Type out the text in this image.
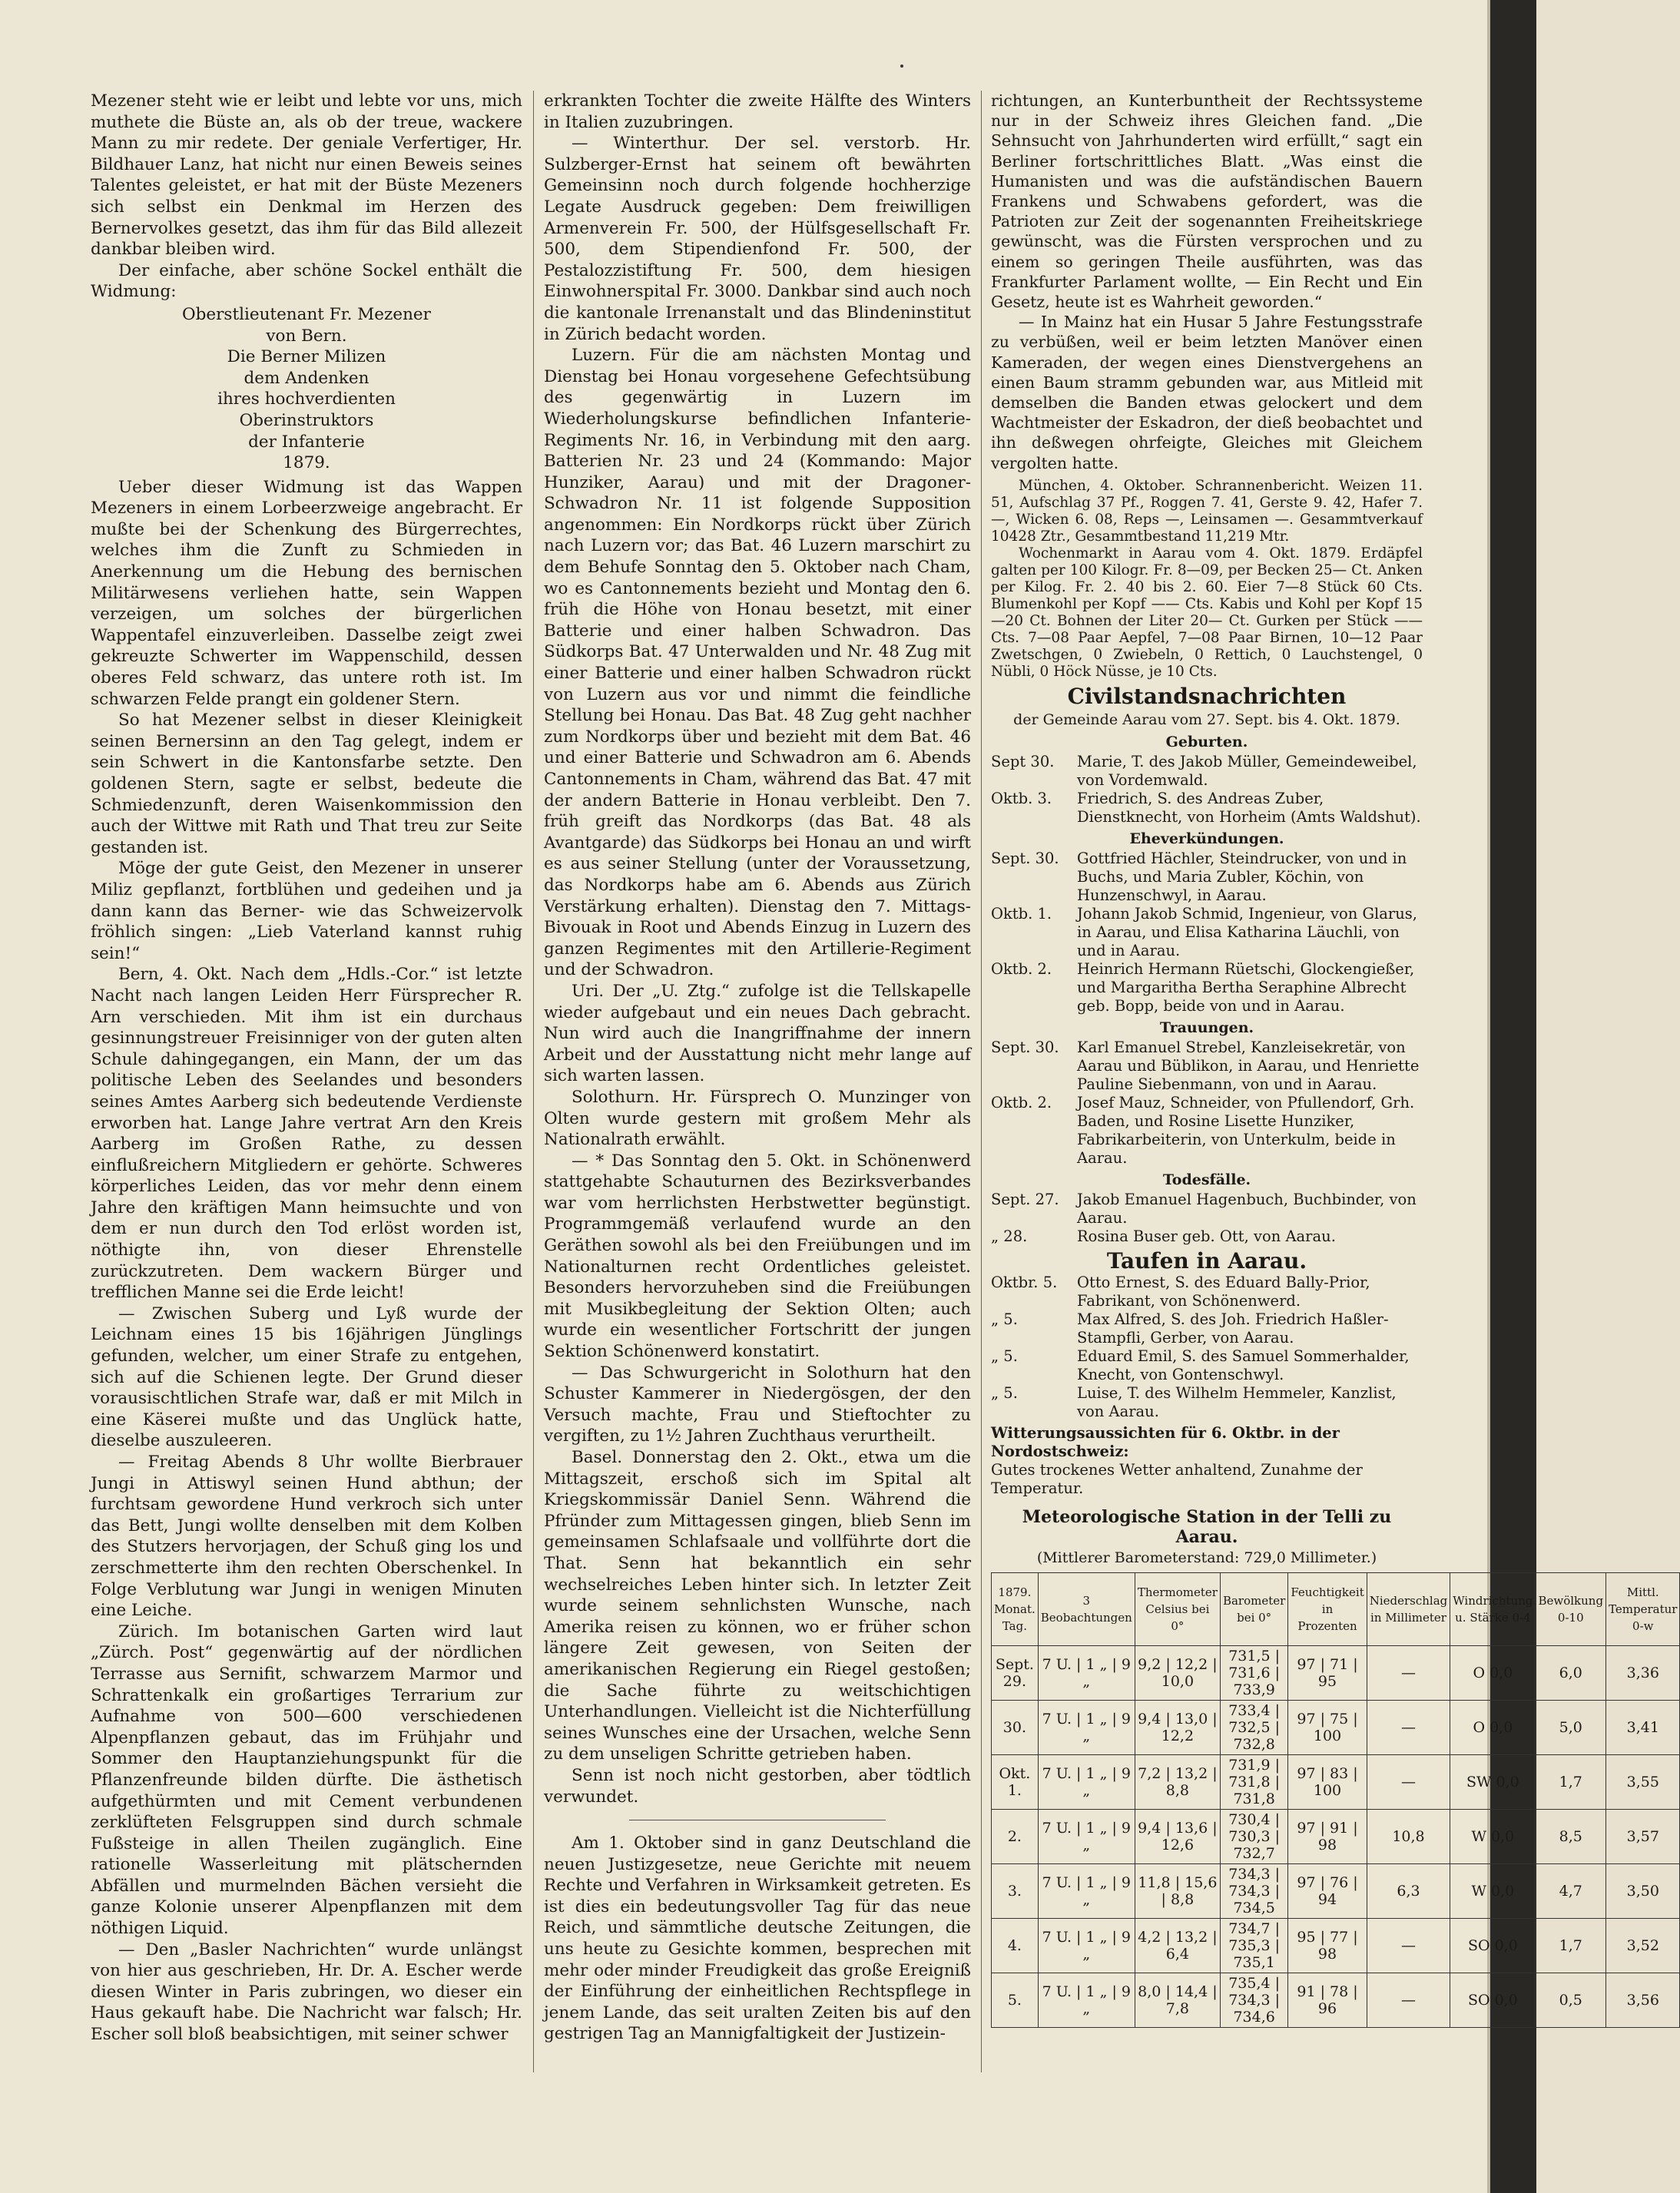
Mezener steht wie er leibt und lebte vor uns, mich muthete die Büste an, als ob der treue, wackere Mann zu mir redete. Der geniale Verfertiger, Hr. Bildhauer Lanz, hat nicht nur einen Beweis seines Talentes geleistet, er hat mit der Büste Mezeners sich selbst ein Denkmal im Herzen des Bernervolkes gesetzt, das ihm für das Bild allezeit dankbar bleiben wird.

Der einfache, aber schöne Sockel enthält die Widmung:

Oberstlieutenant Fr. Mezener

von Bern.

Die Berner Milizen

dem Andenken

ihres hochverdienten

Oberinstruktors

der Infanterie

1879.

Ueber dieser Widmung ist das Wappen Mezeners in einem Lorbeerzweige angebracht. Er mußte bei der Schenkung des Bürgerrechtes, welches ihm die Zunft zu Schmieden in Anerkennung um die Hebung des bernischen Militärwesens verliehen hatte, sein Wappen verzeigen, um solches der bürgerlichen Wappentafel einzuverleiben. Dasselbe zeigt zwei gekreuzte Schwerter im Wappenschild, dessen oberes Feld schwarz, das untere roth ist. Im schwarzen Felde prangt ein goldener Stern.

So hat Mezener selbst in dieser Kleinigkeit seinen Bernersinn an den Tag gelegt, indem er sein Schwert in die Kantonsfarbe setzte. Den goldenen Stern, sagte er selbst, bedeute die Schmiedenzunft, deren Waisenkommission den auch der Wittwe mit Rath und That treu zur Seite gestanden ist.

Möge der gute Geist, den Mezener in unserer Miliz gepflanzt, fortblühen und gedeihen und ja dann kann das Berner- wie das Schweizervolk fröhlich singen: „Lieb Vaterland kannst ruhig sein!“

Bern, 4. Okt. Nach dem „Hdls.-Cor.“ ist letzte Nacht nach langen Leiden Herr Fürsprecher R. Arn verschieden. Mit ihm ist ein durchaus gesinnungstreuer Freisinniger von der guten alten Schule dahingegangen, ein Mann, der um das politische Leben des Seelandes und besonders seines Amtes Aarberg sich bedeutende Verdienste erworben hat. Lange Jahre vertrat Arn den Kreis Aarberg im Großen Rathe, zu dessen einflußreichern Mitgliedern er gehörte. Schweres körperliches Leiden, das vor mehr denn einem Jahre den kräftigen Mann heimsuchte und von dem er nun durch den Tod erlöst worden ist, nöthigte ihn, von dieser Ehrenstelle zurückzutreten. Dem wackern Bürger und trefflichen Manne sei die Erde leicht!

— Zwischen Suberg und Lyß wurde der Leichnam eines 15 bis 16jährigen Jünglings gefunden, welcher, um einer Strafe zu entgehen, sich auf die Schienen legte. Der Grund dieser vorausischtlichen Strafe war, daß er mit Milch in eine Käserei mußte und das Unglück hatte, dieselbe auszuleeren.

— Freitag Abends 8 Uhr wollte Bierbrauer Jungi in Attiswyl seinen Hund abthun; der furchtsam gewordene Hund verkroch sich unter das Bett, Jungi wollte denselben mit dem Kolben des Stutzers hervorjagen, der Schuß ging los und zerschmetterte ihm den rechten Oberschenkel. In Folge Verblutung war Jungi in wenigen Minuten eine Leiche.

Zürich. Im botanischen Garten wird laut „Zürch. Post“ gegenwärtig auf der nördlichen Terrasse aus Sernifit, schwarzem Marmor und Schrattenkalk ein großartiges Terrarium zur Aufnahme von 500—600 verschiedenen Alpenpflanzen gebaut, das im Frühjahr und Sommer den Hauptanziehungspunkt für die Pflanzenfreunde bilden dürfte. Die ästhetisch aufgethürmten und mit Cement verbundenen zerklüfteten Felsgruppen sind durch schmale Fußsteige in allen Theilen zugänglich. Eine rationelle Wasserleitung mit plätschernden Abfällen und murmelnden Bächen versieht die ganze Kolonie unserer Alpenpflanzen mit dem nöthigen Liquid.

— Den „Basler Nachrichten“ wurde unlängst von hier aus geschrieben, Hr. Dr. A. Escher werde diesen Winter in Paris zubringen, wo dieser ein Haus gekauft habe. Die Nachricht war falsch; Hr. Escher soll bloß beabsichtigen, mit seiner schwer

erkrankten Tochter die zweite Hälfte des Winters in Italien zuzubringen.

— Winterthur. Der sel. verstorb. Hr. Sulzberger-Ernst hat seinem oft bewährten Gemeinsinn noch durch folgende hochherzige Legate Ausdruck gegeben: Dem freiwilligen Armenverein Fr. 500, der Hülfsgesellschaft Fr. 500, dem Stipendienfond Fr. 500, der Pestalozzistiftung Fr. 500, dem hiesigen Einwohnerspital Fr. 3000. Dankbar sind auch noch die kantonale Irrenanstalt und das Blindeninstitut in Zürich bedacht worden.

Luzern. Für die am nächsten Montag und Dienstag bei Honau vorgesehene Gefechtsübung des gegenwärtig in Luzern im Wiederholungskurse befindlichen Infanterie-Regiments Nr. 16, in Verbindung mit den aarg. Batterien Nr. 23 und 24 (Kommando: Major Hunziker, Aarau) und mit der Dragoner-Schwadron Nr. 11 ist folgende Supposition angenommen: Ein Nordkorps rückt über Zürich nach Luzern vor; das Bat. 46 Luzern marschirt zu dem Behufe Sonntag den 5. Oktober nach Cham, wo es Cantonnements bezieht und Montag den 6. früh die Höhe von Honau besetzt, mit einer Batterie und einer halben Schwadron. Das Südkorps Bat. 47 Unterwalden und Nr. 48 Zug mit einer Batterie und einer halben Schwadron rückt von Luzern aus vor und nimmt die feindliche Stellung bei Honau. Das Bat. 48 Zug geht nachher zum Nordkorps über und bezieht mit dem Bat. 46 und einer Batterie und Schwadron am 6. Abends Cantonnements in Cham, während das Bat. 47 mit der andern Batterie in Honau verbleibt. Den 7. früh greift das Nordkorps (das Bat. 48 als Avantgarde) das Südkorps bei Honau an und wirft es aus seiner Stellung (unter der Voraussetzung, das Nordkorps habe am 6. Abends aus Zürich Verstärkung erhalten). Dienstag den 7. Mittags-Bivouak in Root und Abends Einzug in Luzern des ganzen Regimentes mit den Artillerie-Regiment und der Schwadron.

Uri. Der „U. Ztg.“ zufolge ist die Tellskapelle wieder aufgebaut und ein neues Dach gebracht. Nun wird auch die Inangriffnahme der innern Arbeit und der Ausstattung nicht mehr lange auf sich warten lassen.

Solothurn. Hr. Fürsprech O. Munzinger von Olten wurde gestern mit großem Mehr als Nationalrath erwählt.

— * Das Sonntag den 5. Okt. in Schönenwerd stattgehabte Schauturnen des Bezirksverbandes war vom herrlichsten Herbstwetter begünstigt. Programmgemäß verlaufend wurde an den Geräthen sowohl als bei den Freiübungen und im Nationalturnen recht Ordentliches geleistet. Besonders hervorzuheben sind die Freiübungen mit Musikbegleitung der Sektion Olten; auch wurde ein wesentlicher Fortschritt der jungen Sektion Schönenwerd konstatirt.

— Das Schwurgericht in Solothurn hat den Schuster Kammerer in Niedergösgen, der den Versuch machte, Frau und Stieftochter zu vergiften, zu 1½ Jahren Zuchthaus verurtheilt.

Basel. Donnerstag den 2. Okt., etwa um die Mittagszeit, erschoß sich im Spital alt Kriegskommissär Daniel Senn. Während die Pfründer zum Mittagessen gingen, blieb Senn im gemeinsamen Schlafsaale und vollführte dort die That. Senn hat bekanntlich ein sehr wechselreiches Leben hinter sich. In letzter Zeit wurde seinem sehnlichsten Wunsche, nach Amerika reisen zu können, wo er früher schon längere Zeit gewesen, von Seiten der amerikanischen Regierung ein Riegel gestoßen; die Sache führte zu weitschichtigen Unterhandlungen. Vielleicht ist die Nichterfüllung seines Wunsches eine der Ursachen, welche Senn zu dem unseligen Schritte getrieben haben.

Senn ist noch nicht gestorben, aber tödtlich verwundet.

Am 1. Oktober sind in ganz Deutschland die neuen Justizgesetze, neue Gerichte mit neuem Rechte und Verfahren in Wirksamkeit getreten. Es ist dies ein bedeutungsvoller Tag für das neue Reich, und sämmtliche deutsche Zeitungen, die uns heute zu Gesichte kommen, besprechen mit mehr oder minder Freudigkeit das große Ereigniß der Einführung der einheitlichen Rechtspflege in jenem Lande, das seit uralten Zeiten bis auf den gestrigen Tag an Mannigfaltigkeit der Justizein-

richtungen, an Kunterbuntheit der Rechtssysteme nur in der Schweiz ihres Gleichen fand. „Die Sehnsucht von Jahrhunderten wird erfüllt,“ sagt ein Berliner fortschrittliches Blatt. „Was einst die Humanisten und was die aufständischen Bauern Frankens und Schwabens gefordert, was die Patrioten zur Zeit der sogenannten Freiheitskriege gewünscht, was die Fürsten versprochen und zu einem so geringen Theile ausführten, was das Frankfurter Parlament wollte, — Ein Recht und Ein Gesetz, heute ist es Wahrheit geworden.“

— In Mainz hat ein Husar 5 Jahre Festungsstrafe zu verbüßen, weil er beim letzten Manöver einen Kameraden, der wegen eines Dienstvergehens an einen Baum stramm gebunden war, aus Mitleid mit demselben die Banden etwas gelockert und dem Wachtmeister der Eskadron, der dieß beobachtet und ihn deßwegen ohrfeigte, Gleiches mit Gleichem vergolten hatte.

München, 4. Oktober. Schrannenbericht. Weizen 11. 51, Aufschlag 37 Pf., Roggen 7. 41, Gerste 9. 42, Hafer 7. —, Wicken 6. 08, Reps —, Leinsamen —. Gesammtverkauf 10428 Ztr., Gesammtbestand 11,219 Mtr.

Wochenmarkt in Aarau vom 4. Okt. 1879. Erdäpfel galten per 100 Kilogr. Fr. 8—09, per Becken 25— Ct. Anken per Kilog. Fr. 2. 40 bis 2. 60. Eier 7—8 Stück 60 Cts. Blumenkohl per Kopf —— Cts. Kabis und Kohl per Kopf 15—20 Ct. Bohnen der Liter 20— Ct. Gurken per Stück —— Cts. 7—08 Paar Aepfel, 7—08 Paar Birnen, 10—12 Paar Zwetschgen, 0 Zwiebeln, 0 Rettich, 0 Lauchstengel, 0 Nübli, 0 Höck Nüsse, je 10 Cts.

Civilstandsnachrichten
der Gemeinde Aarau vom 27. Sept. bis 4. Okt. 1879.
Geburten.
Sept 30.	Marie, T. des Jakob Müller, Gemeindeweibel, von Vordemwald.
Oktb. 3.	Friedrich, S. des Andreas Zuber, Dienstknecht, von Horheim (Amts Waldshut).
Eheverkündungen.
Sept. 30.	Gottfried Hächler, Steindrucker, von und in Buchs, und Maria Zubler, Köchin, von Hunzenschwyl, in Aarau.
Oktb. 1.	Johann Jakob Schmid, Ingenieur, von Glarus, in Aarau, und Elisa Katharina Läuchli, von und in Aarau.
Oktb. 2.	Heinrich Hermann Rüetschi, Glockengießer, und Margaritha Bertha Seraphine Albrecht geb. Bopp, beide von und in Aarau.
Trauungen.
Sept. 30.	Karl Emanuel Strebel, Kanzleisekretär, von Aarau und Büblikon, in Aarau, und Henriette Pauline Siebenmann, von und in Aarau.
Oktb. 2.	Josef Mauz, Schneider, von Pfullendorf, Grh. Baden, und Rosine Lisette Hunziker, Fabrikarbeiterin, von Unterkulm, beide in Aarau.
Todesfälle.
Sept. 27.	Jakob Emanuel Hagenbuch, Buchbinder, von Aarau.
„ 28.	Rosina Buser geb. Ott, von Aarau.
Taufen in Aarau.
Oktbr. 5.	Otto Ernest, S. des Eduard Bally-Prior, Fabrikant, von Schönenwerd.
„ 5.	Max Alfred, S. des Joh. Friedrich Haßler-Stampfli, Gerber, von Aarau.
„ 5.	Eduard Emil, S. des Samuel Sommerhalder, Knecht, von Gontenschwyl.
„ 5.	Luise, T. des Wilhelm Hemmeler, Kanzlist, von Aarau.
Witterungsaussichten für 6. Oktbr. in der Nordostschweiz:
Gutes trockenes Wetter anhaltend, Zunahme der Temperatur.
Meteorologische Station in der Telli zu Aarau.
(Mittlerer Barometerstand: 729,0 Millimeter.)
1879. Monat. Tag.	3 Beobachtungen	Thermometer Celsius bei 0°	Barometer bei 0°	Feuchtigkeit in Prozenten	Niederschlag in Millimeter	Windrichtung u. Stärke 0-4	Bewölkung 0-10	Mittl. Temperatur 0-w
Sept. 29.	7 U. | 1 „ | 9 „	9,2 | 12,2 | 10,0	731,5 | 731,6 | 733,9	97 | 71 | 95	—	O 0,0	6,0	3,36
30.	7 U. | 1 „ | 9 „	9,4 | 13,0 | 12,2	733,4 | 732,5 | 732,8	97 | 75 | 100	—	O 0,0	5,0	3,41
Okt. 1.	7 U. | 1 „ | 9 „	7,2 | 13,2 | 8,8	731,9 | 731,8 | 731,8	97 | 83 | 100	—	SW 0,0	1,7	3,55
2.	7 U. | 1 „ | 9 „	9,4 | 13,6 | 12,6	730,4 | 730,3 | 732,7	97 | 91 | 98	10,8	W 0,0	8,5	3,57
3.	7 U. | 1 „ | 9 „	11,8 | 15,6 | 8,8	734,3 | 734,3 | 734,5	97 | 76 | 94	6,3	W 0,0	4,7	3,50
4.	7 U. | 1 „ | 9 „	4,2 | 13,2 | 6,4	734,7 | 735,3 | 735,1	95 | 77 | 98	—	SO 0,0	1,7	3,52
5.	7 U. | 1 „ | 9 „	8,0 | 14,4 | 7,8	735,4 | 734,3 | 734,6	91 | 78 | 96	—	SO 0,0	0,5	3,56
